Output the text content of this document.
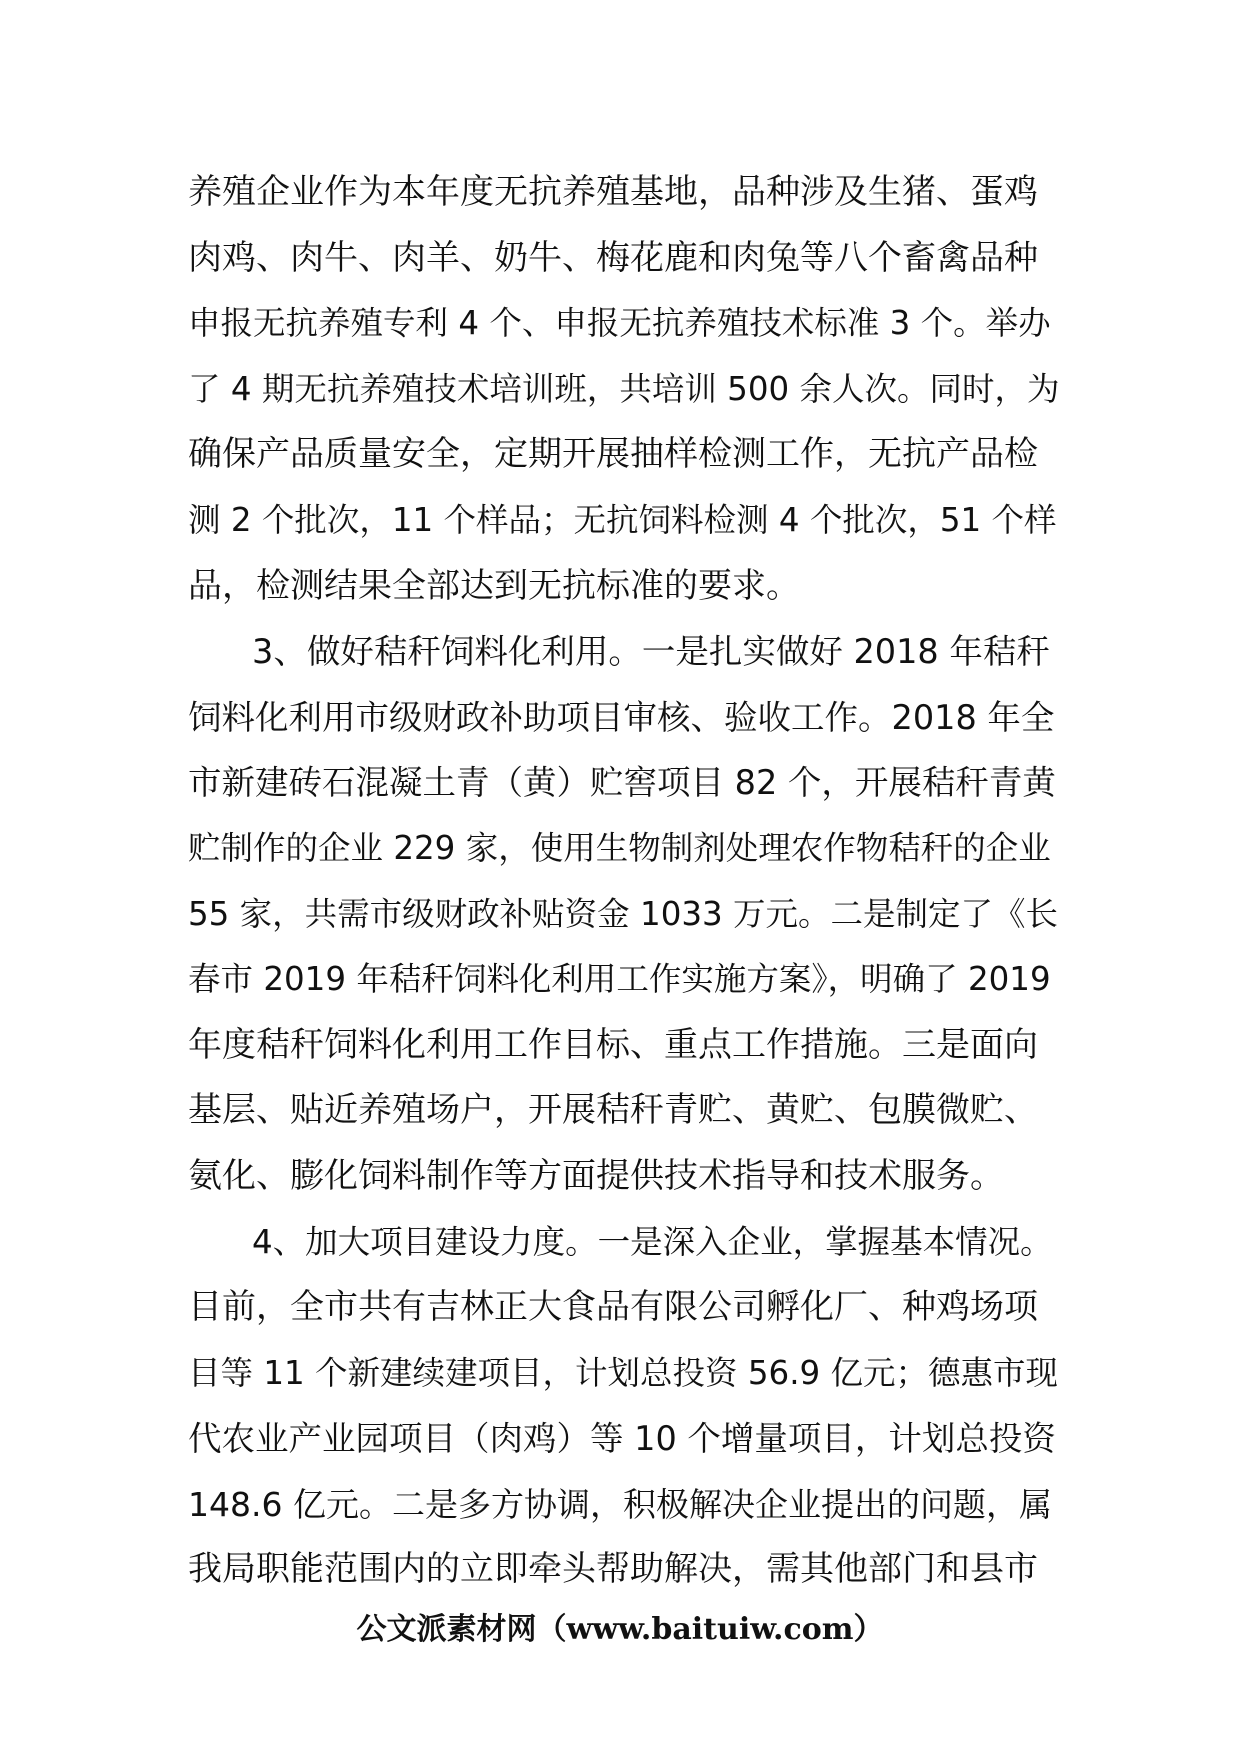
养殖企业作为本年度无抗养殖基地，品种涉及生猪、蛋鸡
肉鸡、肉牛、肉羊、奶牛、梅花鹿和肉兔等八个畜禽品种
申报无抗养殖专利 4 个、申报无抗养殖技术标准 3 个。举办
了 4 期无抗养殖技术培训班，共培训 500 余人次。同时，为
确保产品质量安全，定期开展抽样检测工作，无抗产品检
测 2 个批次，11 个样品；无抗饲料检测 4 个批次，51 个样
品，检测结果全部达到无抗标准的要求。
3、做好秸秆饲料化利用。一是扎实做好 2018 年秸秆
饲料化利用市级财政补助项目审核、验收工作。2018 年全
市新建砖石混凝土青（黄）贮窖项目 82 个，开展秸秆青黄
贮制作的企业 229 家，使用生物制剂处理农作物秸秆的企业
55 家，共需市级财政补贴资金 1033 万元。二是制定了《长
春市 2019 年秸秆饲料化利用工作实施方案》，明确了 2019
年度秸秆饲料化利用工作目标、重点工作措施。三是面向
基层、贴近养殖场户，开展秸秆青贮、黄贮、包膜微贮、
氨化、膨化饲料制作等方面提供技术指导和技术服务。
4、加大项目建设力度。一是深入企业，掌握基本情况。
目前，全市共有吉林正大食品有限公司孵化厂、种鸡场项
目等 11 个新建续建项目，计划总投资 56.9 亿元；德惠市现
代农业产业园项目（肉鸡）等 10 个增量项目，计划总投资
148.6 亿元。二是多方协调，积极解决企业提出的问题，属
我局职能范围内的立即牵头帮助解决，需其他部门和县市
公文派素材网（www.baituiw.com）
